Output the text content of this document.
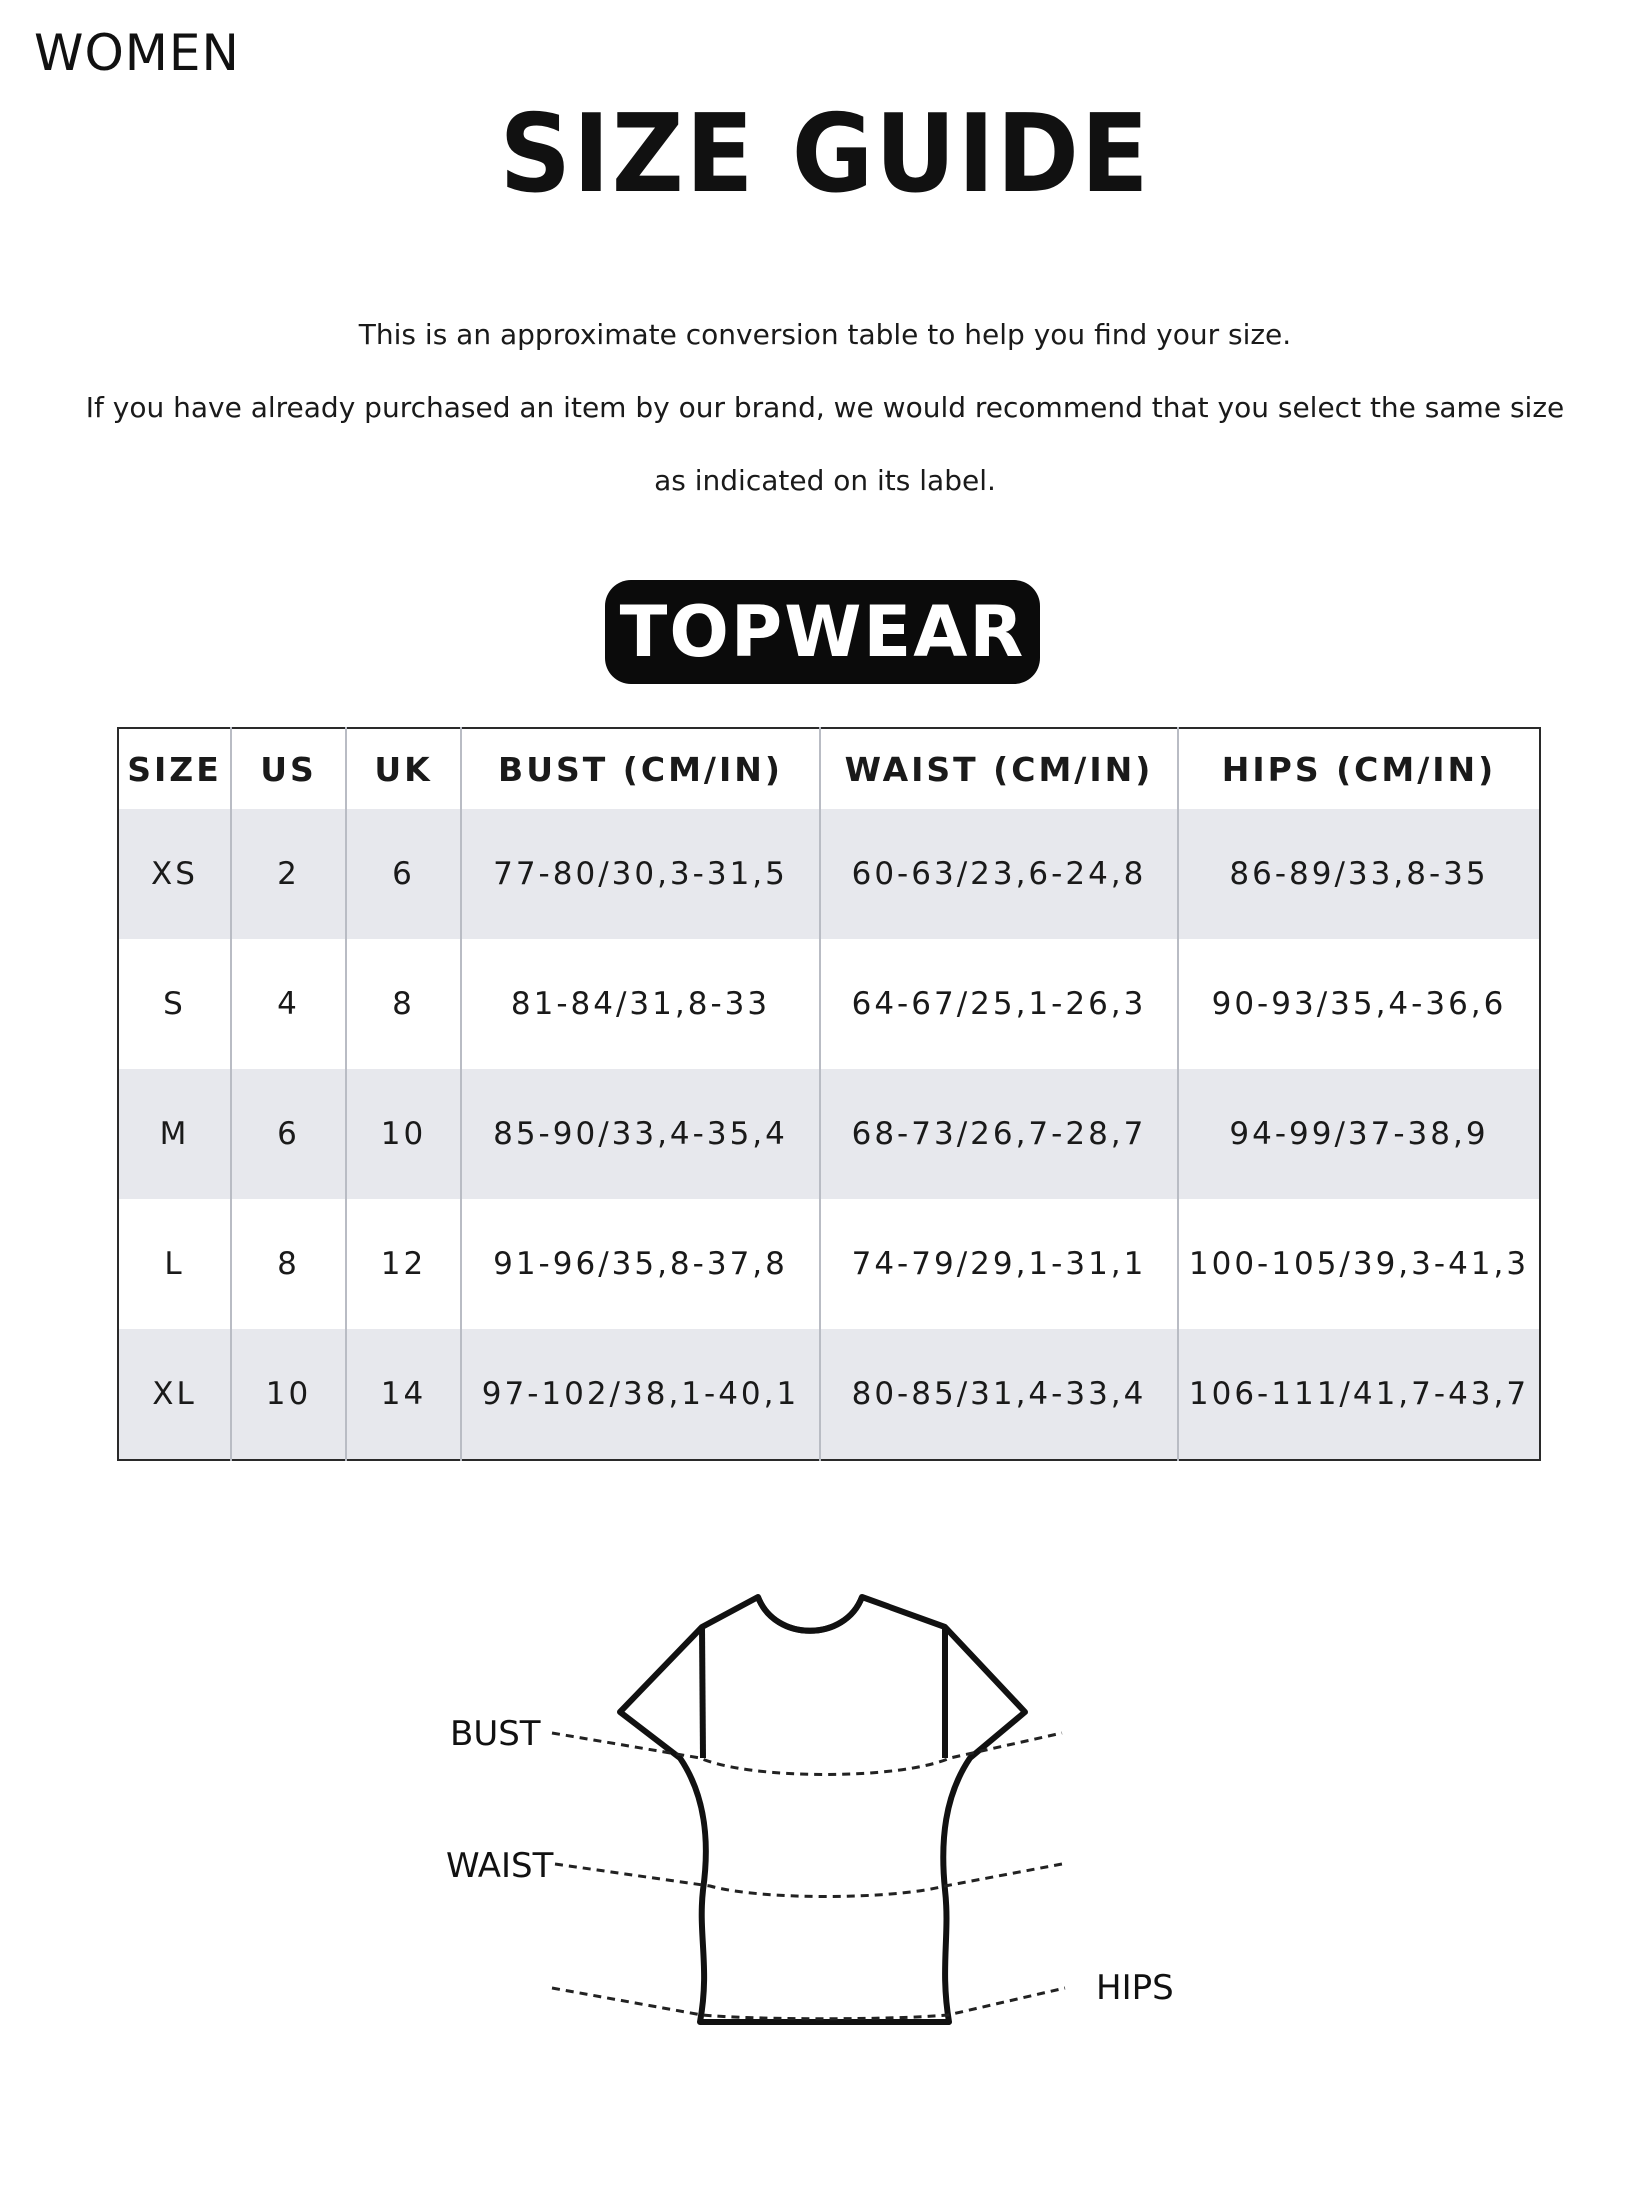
WOMEN
SIZE GUIDE
This is an approximate conversion table to help you find your size.
If you have already purchased an item by our brand, we would recommend that you select the same size
as indicated on its label.
TOPWEAR
SIZE	US	UK	BUST (CM/IN)	WAIST (CM/IN)	HIPS (CM/IN)
XS	2	6	77-80/30,3-31,5	60-63/23,6-24,8	86-89/33,8-35
S	4	8	81-84/31,8-33	64-67/25,1-26,3	90-93/35,4-36,6
M	6	10	85-90/33,4-35,4	68-73/26,7-28,7	94-99/37-38,9
L	8	12	91-96/35,8-37,8	74-79/29,1-31,1	100-105/39,3-41,3
XL	10	14	97-102/38,1-40,1	80-85/31,4-33,4	106-111/41,7-43,7
BUST
WAIST
HIPS
